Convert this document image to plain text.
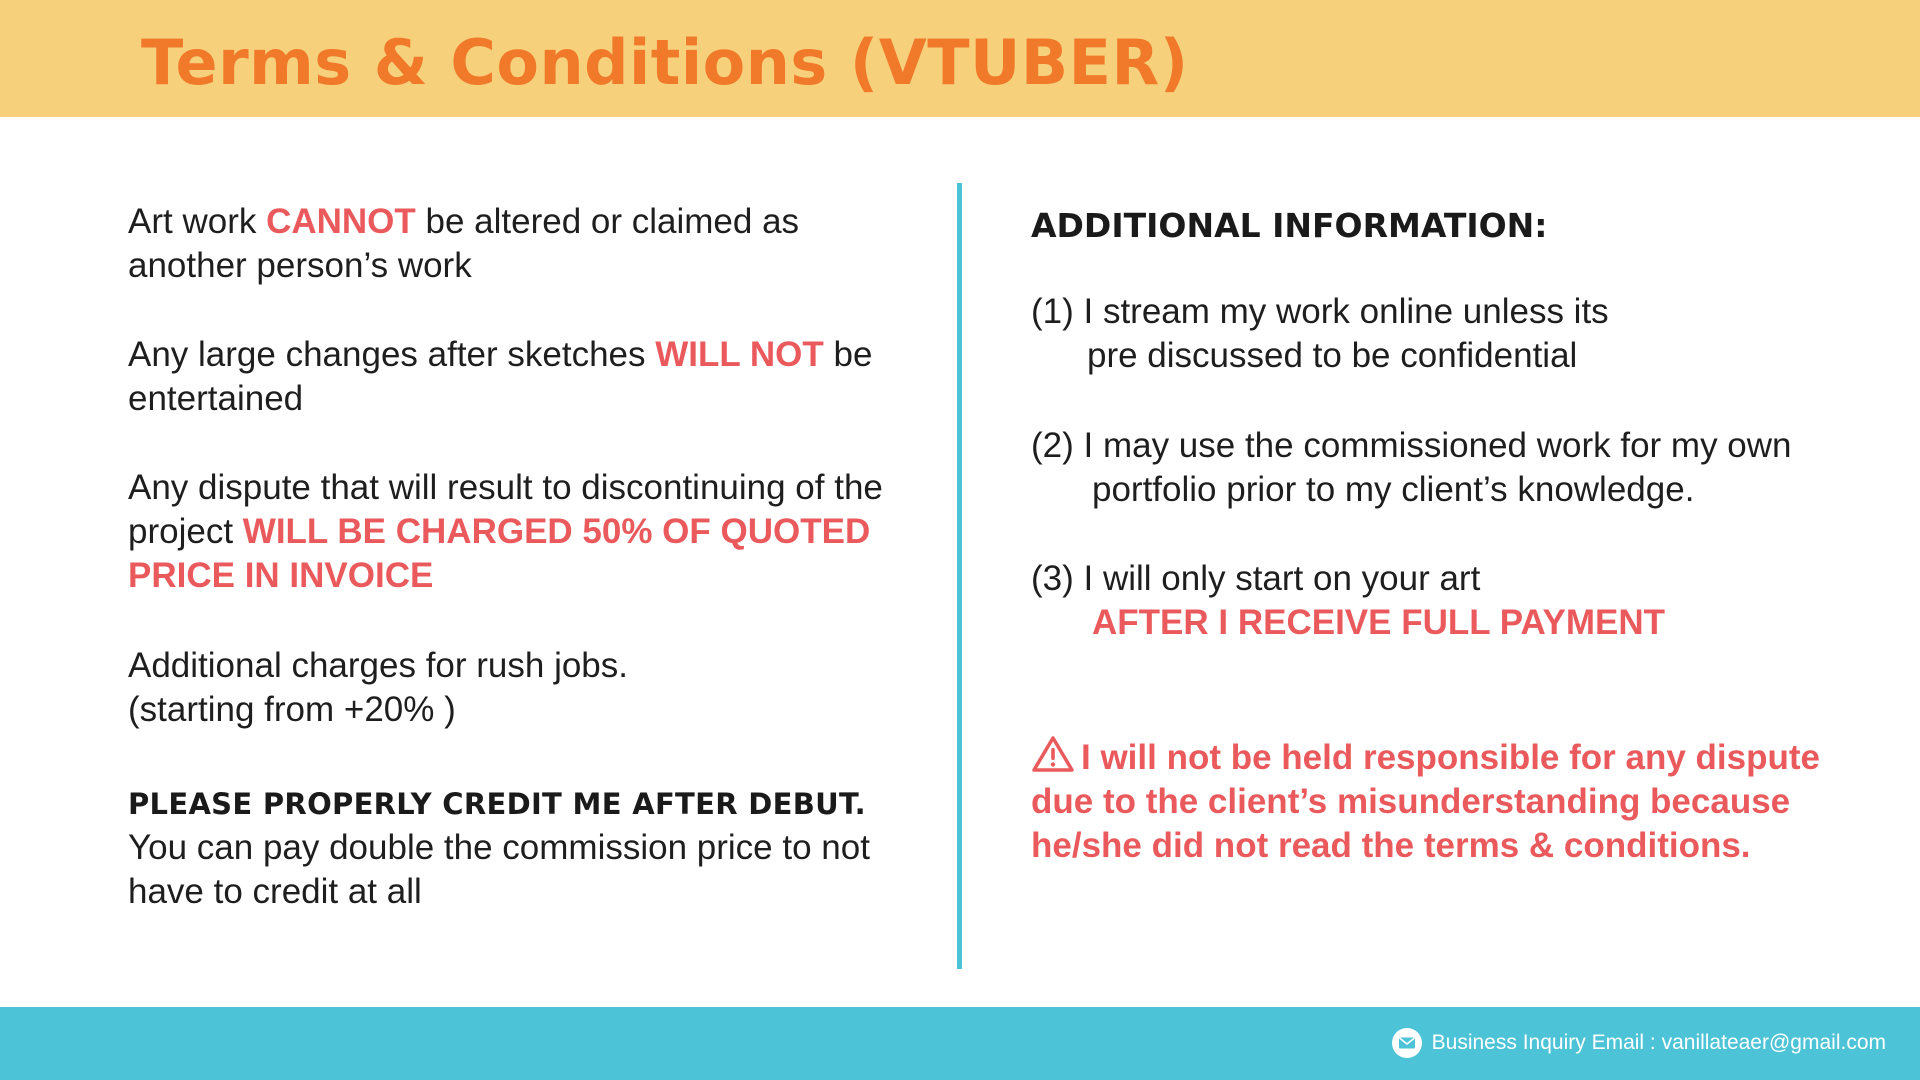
Terms & Conditions (VTUBER)
Art work CANNOT be altered or claimed as another person’s work
Any large changes after sketches WILL NOT be entertained
Any dispute that will result to discontinuing of the project WILL BE CHARGED 50% OF QUOTED PRICE IN INVOICE
Additional charges for rush jobs.
(starting from +20% )
PLEASE PROPERLY CREDIT ME AFTER DEBUT.
You can pay double the commission price to not have to credit at all
ADDITIONAL INFORMATION:
(1) I stream my work online unless its
pre discussed to be confidential
(2) I may use the commissioned work for my own
portfolio prior to my client’s knowledge.
(3) I will only start on your art
AFTER I RECEIVE FULL PAYMENT
I will not be held responsible for any dispute due to the client’s misunderstanding because he/she did not read the terms & conditions.
Business Inquiry Email : vanillateaer@gmail.com
